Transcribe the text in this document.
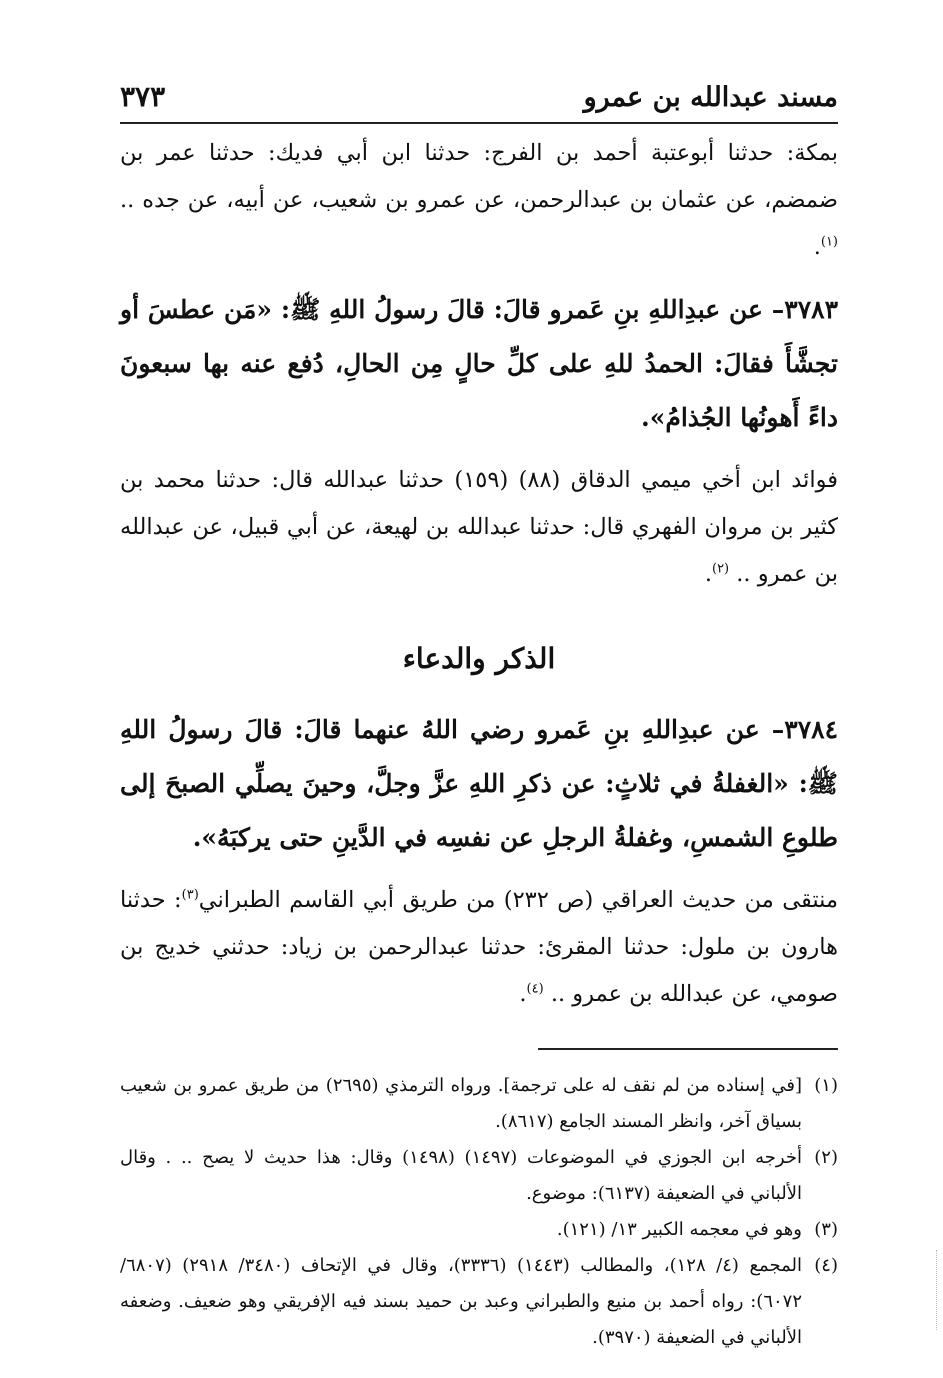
مسند عبدالله بن عمرو
٣٧٣

بمكة: حدثنا أبوعتبة أحمد بن الفرج: حدثنا ابن أبي فديك: حدثنا عمر بن ضمضم، عن عثمان بن عبدالرحمن، عن عمرو بن شعيب، عن أبيه، عن جده .. $^{(١)}$.

٣٧٨٣– عن عبدِاللهِ بنِ عَمرو قالَ: قالَ رسولُ اللهِ ﷺ: «مَن عطسَ أو تجشَّأَ فقالَ: الحمدُ للهِ على كلِّ حالٍ مِن الحالِ، دُفع عنه بها سبعونَ داءً أَهونُها الجُذامُ».

فوائد ابن أخي ميمي الدقاق (٨٨) (١٥٩) حدثنا عبدالله قال: حدثنا محمد بن كثير بن مروان الفهري قال: حدثنا عبدالله بن لهيعة، عن أبي قبيل، عن عبدالله بن عمرو .. $^{(٢)}$.

الذكر والدعاء

٣٧٨٤– عن عبدِاللهِ بنِ عَمرو رضي اللهُ عنهما قالَ: قالَ رسولُ اللهِ ﷺ: «الغفلةُ في ثلاثٍ: عن ذكرِ اللهِ عزَّ وجلَّ، وحينَ يصلِّي الصبحَ إلى طلوعِ الشمسِ، وغفلةُ الرجلِ عن نفسِه في الدَّينِ حتى يركبَهُ».

منتقى من حديث العراقي (ص ٢٣٢) من طريق أبي القاسم الطبراني$^{(٣)}$: حدثنا هارون بن ملول: حدثنا المقرئ: حدثنا عبدالرحمن بن زياد: حدثني خديج بن صومي، عن عبدالله بن عمرو .. $^{(٤)}$.

(١)
[في إسناده من لم نقف له على ترجمة]. ورواه الترمذي (٢٦٩٥) من طريق عمرو بن شعيب بسياق آخر، وانظر المسند الجامع (٨٦١٧).
(٢)
أخرجه ابن الجوزي في الموضوعات (١٤٩٧) (١٤٩٨) وقال: هذا حديث لا يصح .. . وقال الألباني في الضعيفة (٦١٣٧): موضوع.
(٣)
وهو في معجمه الكبير ١٣/ (١٢١).
(٤)
المجمع (٤/ ١٢٨)، والمطالب (١٤٤٣) (٣٣٣٦)، وقال في الإتحاف (٣٤٨٠/ ٢٩١٨) (٦٨٠٧/ ٦٠٧٢): رواه أحمد بن منيع والطبراني وعبد بن حميد بسند فيه الإفريقي وهو ضعيف. وضعفه الألباني في الضعيفة (٣٩٧٠).
